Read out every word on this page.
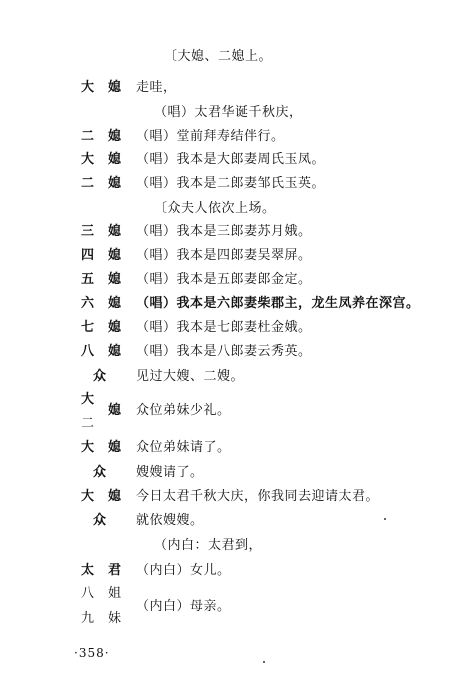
〔大媳、二媳上。
大 媳 走哇，
（唱）太君华诞千秋庆，
二 媳 （唱）堂前拜寿结伴行。
大 媳 （唱）我本是大郎妻周氏玉凤。
二 媳 （唱）我本是二郎妻邹氏玉英。
〔众夫人依次上场。
三 媳 （唱）我本是三郎妻苏月娥。
四 媳 （唱）我本是四郎妻吴翠屏。
五 媳 （唱）我本是五郎妻郎金定。
六 媳 （唱）我本是六郎妻柴郡主，龙生凤养在深宫。
七 媳 （唱）我本是七郎妻杜金娥。
八 媳 （唱）我本是八郎妻云秀英。
众 见过大嫂、二嫂。
大
媳 众位弟妹少礼。
二
大 媳 众位弟妹请了。
众 嫂嫂请了。
大 媳 今日太君千秋大庆，你我同去迎请太君。
众 就依嫂嫂。
（内白：太君到，
太 君 （内白）女儿。
八 姐
（内白）母亲。
九 妹
·358·
